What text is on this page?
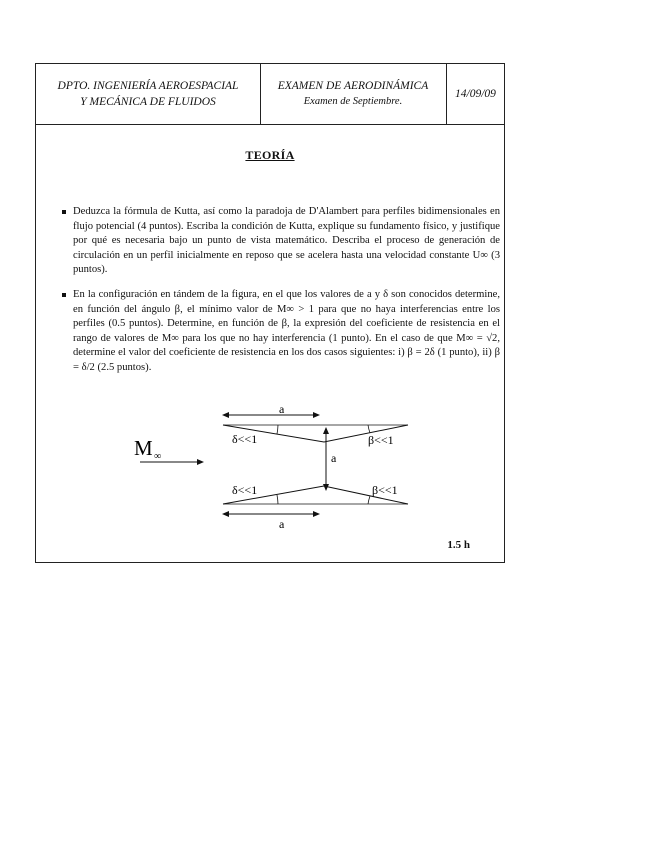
DPTO. INGENIERÍA AEROESPACIAL
Y MECÁNICA DE FLUIDOS
EXAMEN DE AERODINÁMICA
Examen de Septiembre.
14/09/09
TEORÍA
Deduzca la fórmula de Kutta, así como la paradoja de D'Alambert para perfiles bidimensionales en flujo potencial (4 puntos). Escriba la condición de Kutta, explique su fundamento físico, y justifique por qué es necesaria bajo un punto de vista matemático. Describa el proceso de generación de circulación en un perfil inicialmente en reposo que se acelera hasta una velocidad constante U∞ (3 puntos).
En la configuración en tándem de la figura, en el que los valores de a y δ son conocidos determine, en función del ángulo β, el mínimo valor de M∞ > 1 para que no haya interferencias entre los perfiles (0.5 puntos). Determine, en función de β, la expresión del coeficiente de resistencia en el rango de valores de M∞ para los que no hay interferencia (1 punto). En el caso de que M∞ = √2, determine el valor del coeficiente de resistencia en los dos casos siguientes: i) β = 2δ (1 punto), ii) β = δ/2 (2.5 puntos).
M ∞
a
δ<<1	β<<1
a
δ<<1	β<<1
a
1.5 h
